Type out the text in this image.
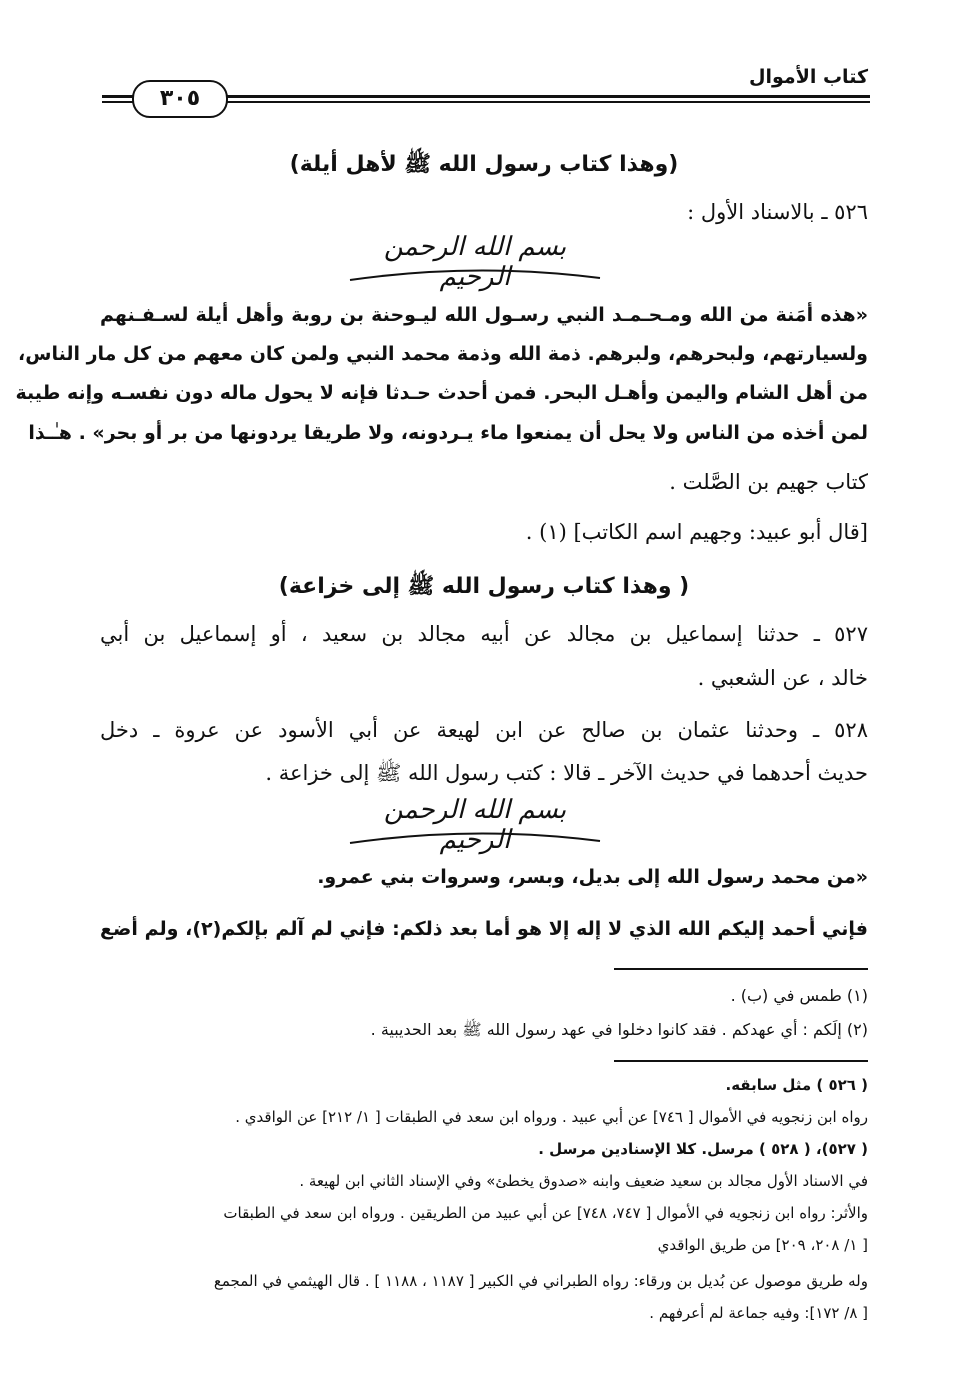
كتاب الأموال
٣٠٥
(وهذا كتاب رسول الله ﷺ لأهل أيلة)
٥٢٦ ـ بالاسناد الأول :
بسم الله الرحمن الرحيم
«هذه أمَنة من الله ومـحـمـد النبي رسـول الله ليـوحنة بن روبة وأهل أيلة لسـفـنهم
ولسيارتهم، ولبحرهم، ولبرهم. ذمة الله وذمة محمد النبي ولمن كان معهم من كل مار الناس،
من أهل الشام واليمن وأهـل البحر. فمن أحدث حـدثا فإنه لا يحول ماله دون نفسـه وإنه طيبة
لمن أخذه من الناس ولا يحل أن يمنعوا ماء يـردونه، ولا طريقا يردونها من بر أو بحر» . هـٰـذا
كتاب جهيم بن الصَّلت .
[قال أبو عبيد: وجهيم اسم الكاتب] (١) .
( وهذا كتاب رسول الله ﷺ إلى خزاعة)
٥٢٧ ـ حدثنا إسماعيل بن مجالد عن أبيه مجالد بن سعيد ، أو إسماعيل بن أبي
خالد ، عن الشعبي .
٥٢٨ ـ وحدثنا عثمان بن صالح عن ابن لهيعة عن أبي الأسود عن عروة ـ دخل
حديث أحدهما في حديث الآخر ـ قالا : كتب رسول الله ﷺ إلى خزاعة .
بسم الله الرحمن الرحيم
«من محمد رسول الله إلى بديل، وبسر، وسروات بني عمرو.
فإني أحمد إليكم الله الذي لا إله إلا هو أما بعد ذلكم: فإني لم آلم بإلكم(٢)، ولم أضع
(١) طمس في (ب) .
(٢) إلَكم : أي عهدكم . فقد كانوا دخلوا في عهد رسول الله ﷺ بعد الحديبية .
( ٥٢٦ ) مثل سابقه.
رواه ابن زنجويه في الأموال [ ٧٤٦] عن أبي عبيد . ورواه ابن سعد في الطبقات [ ١/ ٢١٢] عن الواقدي .
( ٥٢٧)، ( ٥٢٨ ) مرسل. كلا الإسنادين مرسل .
في الاسناد الأول مجالد بن سعيد ضعيف وابنه «صدوق يخطئ» وفي الإسناد الثاني ابن لهيعة .
والأثر: رواه ابن زنجويه في الأموال [ ٧٤٧، ٧٤٨] عن أبي عبيد من الطريقين . ورواه ابن سعد في الطبقات
[ ١/ ٢٠٨، ٢٠٩] من طريق الواقدي
وله طريق موصول عن بُديل بن ورقاء: رواه الطبراني في الكبير [ ١١٨٧ ، ١١٨٨ ] . قال الهيثمي في المجمع
[ ٨/ ١٧٢]: وفيه جماعة لم أعرفهم .
